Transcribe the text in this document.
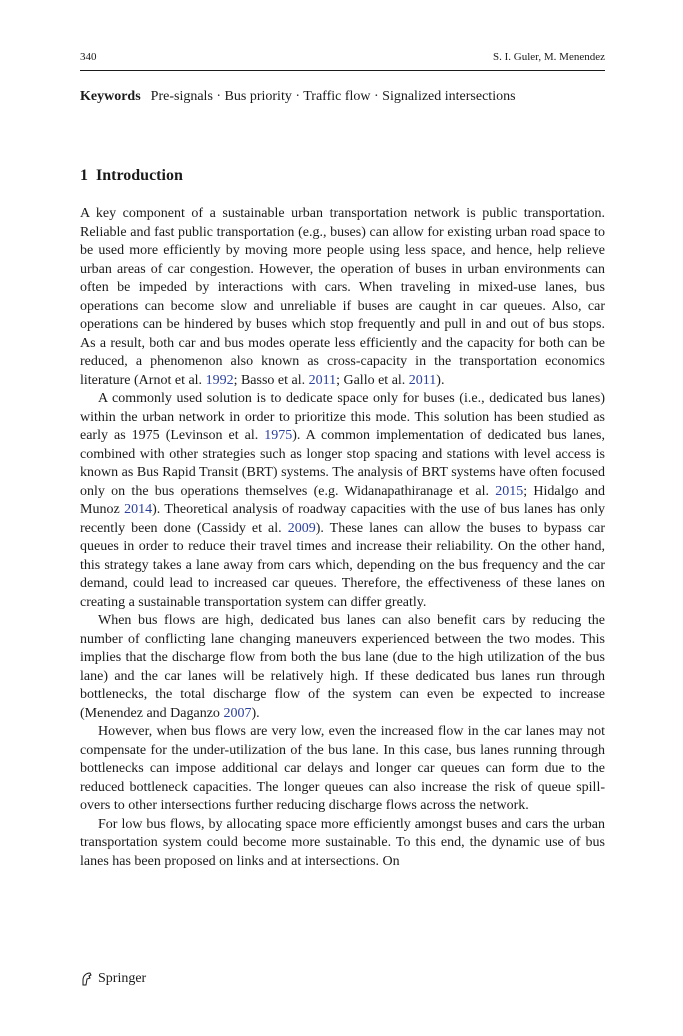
340	S. I. Guler, M. Menendez
Keywords Pre-signals · Bus priority · Traffic flow · Signalized intersections
1 Introduction

A key component of a sustainable urban transportation network is public transportation. Reliable and fast public transportation (e.g., buses) can allow for existing urban road space to be used more efficiently by moving more people using less space, and hence, help relieve urban areas of car congestion. However, the operation of buses in urban environments can often be impeded by interactions with cars. When traveling in mixed-use lanes, bus operations can become slow and unreliable if buses are caught in car queues. Also, car operations can be hindered by buses which stop frequently and pull in and out of bus stops. As a result, both car and bus modes operate less efficiently and the capacity for both can be reduced, a phenomenon also known as cross-capacity in the transportation economics literature (Arnot et al. 1992; Basso et al. 2011; Gallo et al. 2011).

A commonly used solution is to dedicate space only for buses (i.e., dedicated bus lanes) within the urban network in order to prioritize this mode. This solution has been studied as early as 1975 (Levinson et al. 1975). A common implementation of dedicated bus lanes, combined with other strategies such as longer stop spacing and stations with level access is known as Bus Rapid Transit (BRT) systems. The analysis of BRT systems have often focused only on the bus operations themselves (e.g. Widanapathiranage et al. 2015; Hidalgo and Munoz 2014). Theoretical analysis of roadway capacities with the use of bus lanes has only recently been done (Cassidy et al. 2009). These lanes can allow the buses to bypass car queues in order to reduce their travel times and increase their reliability. On the other hand, this strategy takes a lane away from cars which, depending on the bus frequency and the car demand, could lead to increased car queues. Therefore, the effectiveness of these lanes on creating a sustainable transportation system can differ greatly.

When bus flows are high, dedicated bus lanes can also benefit cars by reducing the number of conflicting lane changing maneuvers experienced between the two modes. This implies that the discharge flow from both the bus lane (due to the high utilization of the bus lane) and the car lanes will be relatively high. If these dedicated bus lanes run through bottlenecks, the total discharge flow of the system can even be expected to increase (Menendez and Daganzo 2007).

However, when bus flows are very low, even the increased flow in the car lanes may not compensate for the under-utilization of the bus lane. In this case, bus lanes running through bottlenecks can impose additional car delays and longer car queues can form due to the reduced bottleneck capacities. The longer queues can also increase the risk of queue spill-overs to other intersections further reducing discharge flows across the network.

For low bus flows, by allocating space more efficiently amongst buses and cars the urban transportation system could become more sustainable. To this end, the dynamic use of bus lanes has been proposed on links and at intersections. On

Springer
